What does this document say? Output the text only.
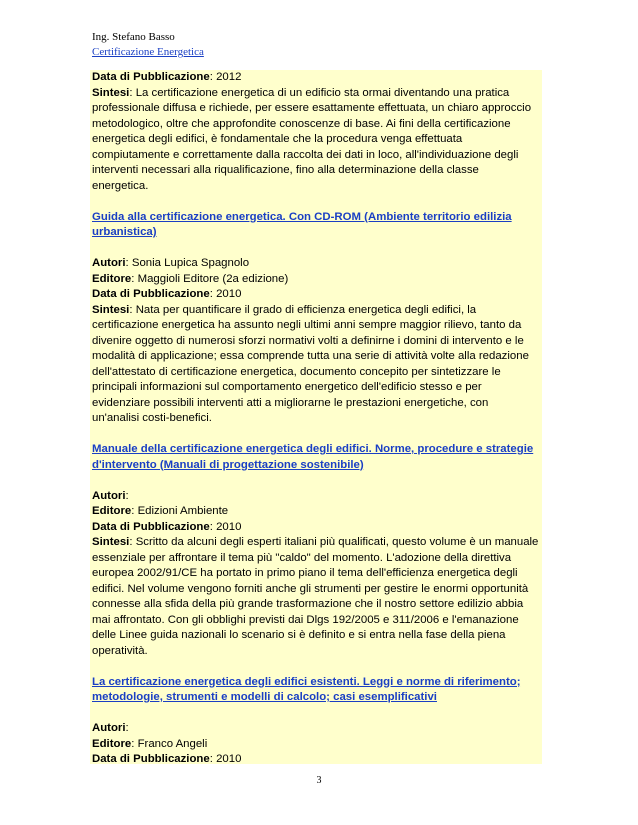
Ing. Stefano Basso
Certificazione Energetica
Data di Pubblicazione: 2012
Sintesi: La certificazione energetica di un edificio sta ormai diventando una pratica
professionale diffusa e richiede, per essere esattamente effettuata, un chiaro approccio
metodologico, oltre che approfondite conoscenze di base. Ai fini della certificazione
energetica degli edifici, è fondamentale che la procedura venga effettuata
compiutamente e correttamente dalla raccolta dei dati in loco, all'individuazione degli
interventi necessari alla riqualificazione, fino alla determinazione della classe
energetica.
Guida alla certificazione energetica. Con CD-ROM (Ambiente territorio edilizia
urbanistica)
Autori: Sonia Lupica Spagnolo
Editore: Maggioli Editore (2a edizione)
Data di Pubblicazione: 2010
Sintesi: Nata per quantificare il grado di efficienza energetica degli edifici, la
certificazione energetica ha assunto negli ultimi anni sempre maggior rilievo, tanto da
divenire oggetto di numerosi sforzi normativi volti a definirne i domini di intervento e le
modalità di applicazione; essa comprende tutta una serie di attività volte alla redazione
dell'attestato di certificazione energetica, documento concepito per sintetizzare le
principali informazioni sul comportamento energetico dell'edificio stesso e per
evidenziare possibili interventi atti a migliorarne le prestazioni energetiche, con
un'analisi costi-benefici.
Manuale della certificazione energetica degli edifici. Norme, procedure e strategie
d'intervento (Manuali di progettazione sostenibile)
Autori:
Editore: Edizioni Ambiente
Data di Pubblicazione: 2010
Sintesi: Scritto da alcuni degli esperti italiani più qualificati, questo volume è un manuale
essenziale per affrontare il tema più "caldo" del momento. L'adozione della direttiva
europea 2002/91/CE ha portato in primo piano il tema dell'efficienza energetica degli
edifici. Nel volume vengono forniti anche gli strumenti per gestire le enormi opportunità
connesse alla sfida della più grande trasformazione che il nostro settore edilizio abbia
mai affrontato. Con gli obblighi previsti dai Dlgs 192/2005 e 311/2006 e l'emanazione
delle Linee guida nazionali lo scenario si è definito e si entra nella fase della piena
operatività.
La certificazione energetica degli edifici esistenti. Leggi e norme di riferimento;
metodologie, strumenti e modelli di calcolo; casi esemplificativi
Autori:
Editore: Franco Angeli
Data di Pubblicazione: 2010
3
